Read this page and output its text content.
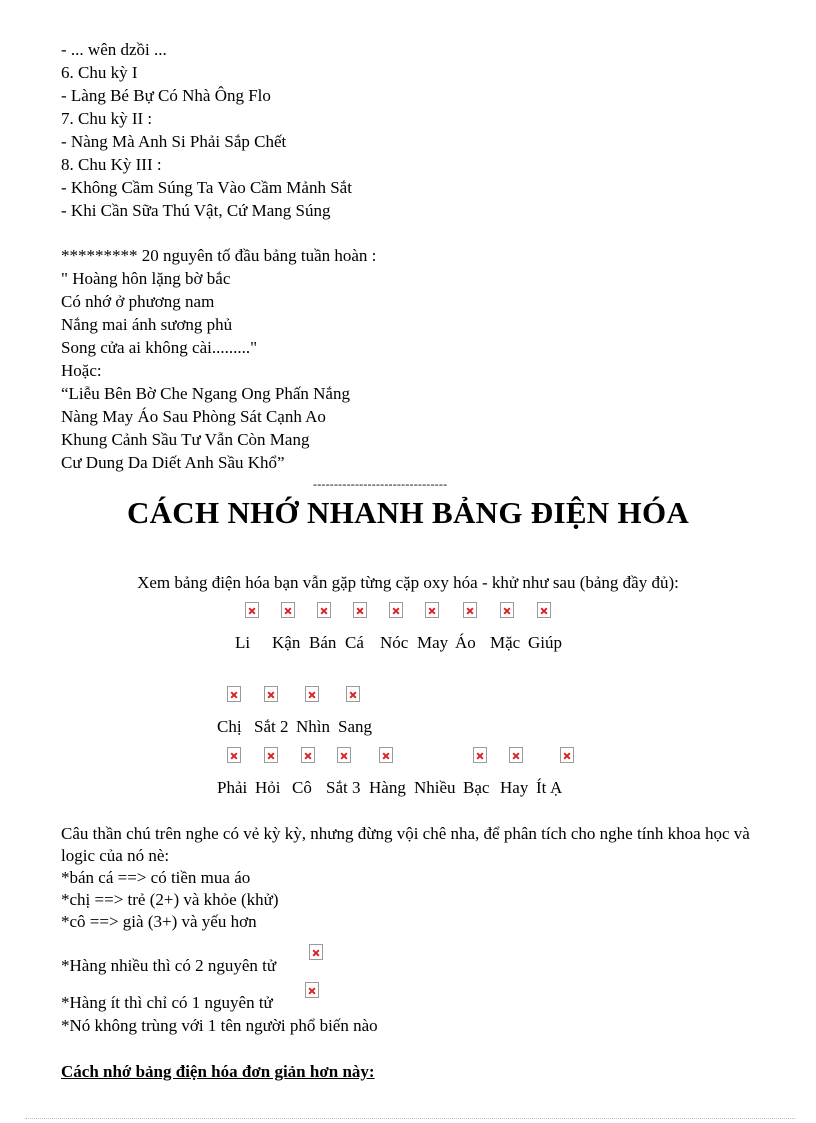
- ... wên dzồi ...
6. Chu kỳ I
- Làng Bé Bự Có Nhà Ông Flo
7. Chu kỳ II :
- Nàng Mà Anh Si Phải Sắp Chết
8. Chu Kỳ III :
- Không Cầm Súng Ta Vào Cầm Mảnh Sắt
- Khi Cần Sữa Thú Vật, Cứ Mang Súng
********* 20 nguyên tố đầu bảng tuần hoàn :
" Hoàng hôn lặng bờ bắc
Có nhớ ở phương nam
Nắng mai ánh sương phủ
Song cửa ai không cài........."
Hoặc:
“Liễu Bên Bờ Che Ngang Ong Phấn Nắng
Nàng May Áo Sau Phòng Sát Cạnh Ao
Khung Cảnh Sầu Tư Vẫn Còn Mang
Cư Dung Da Diết Anh Sầu Khổ”
--------------------------------
CÁCH NHỚ NHANH BẢNG ĐIỆN HÓA
Xem bảng điện hóa bạn vẫn gặp từng cặp oxy hóa - khử như sau (bảng đầy đủ):
Li Kận Bán Cá Nóc May Áo Mặc Giúp
Chị Sắt 2 Nhìn Sang
Phải Hỏi Cô Sắt 3 Hàng Nhiều Bạc Hay Ít Ạ
Câu thần chú trên nghe có vẻ kỳ kỳ, nhưng đừng vội chê nha, để phân tích cho nghe tính khoa học và logic của nó nè:
*bán cá ==> có tiền mua áo
*chị ==> trẻ (2+) và khỏe (khử)
*cô ==> già (3+) và yếu hơn
*Hàng nhiều thì có 2 nguyên tử
*Hàng ít thì chỉ có 1 nguyên tử
*Nó không trùng với 1 tên người phổ biến nào
Cách nhớ bảng điện hóa đơn giản hơn này:
